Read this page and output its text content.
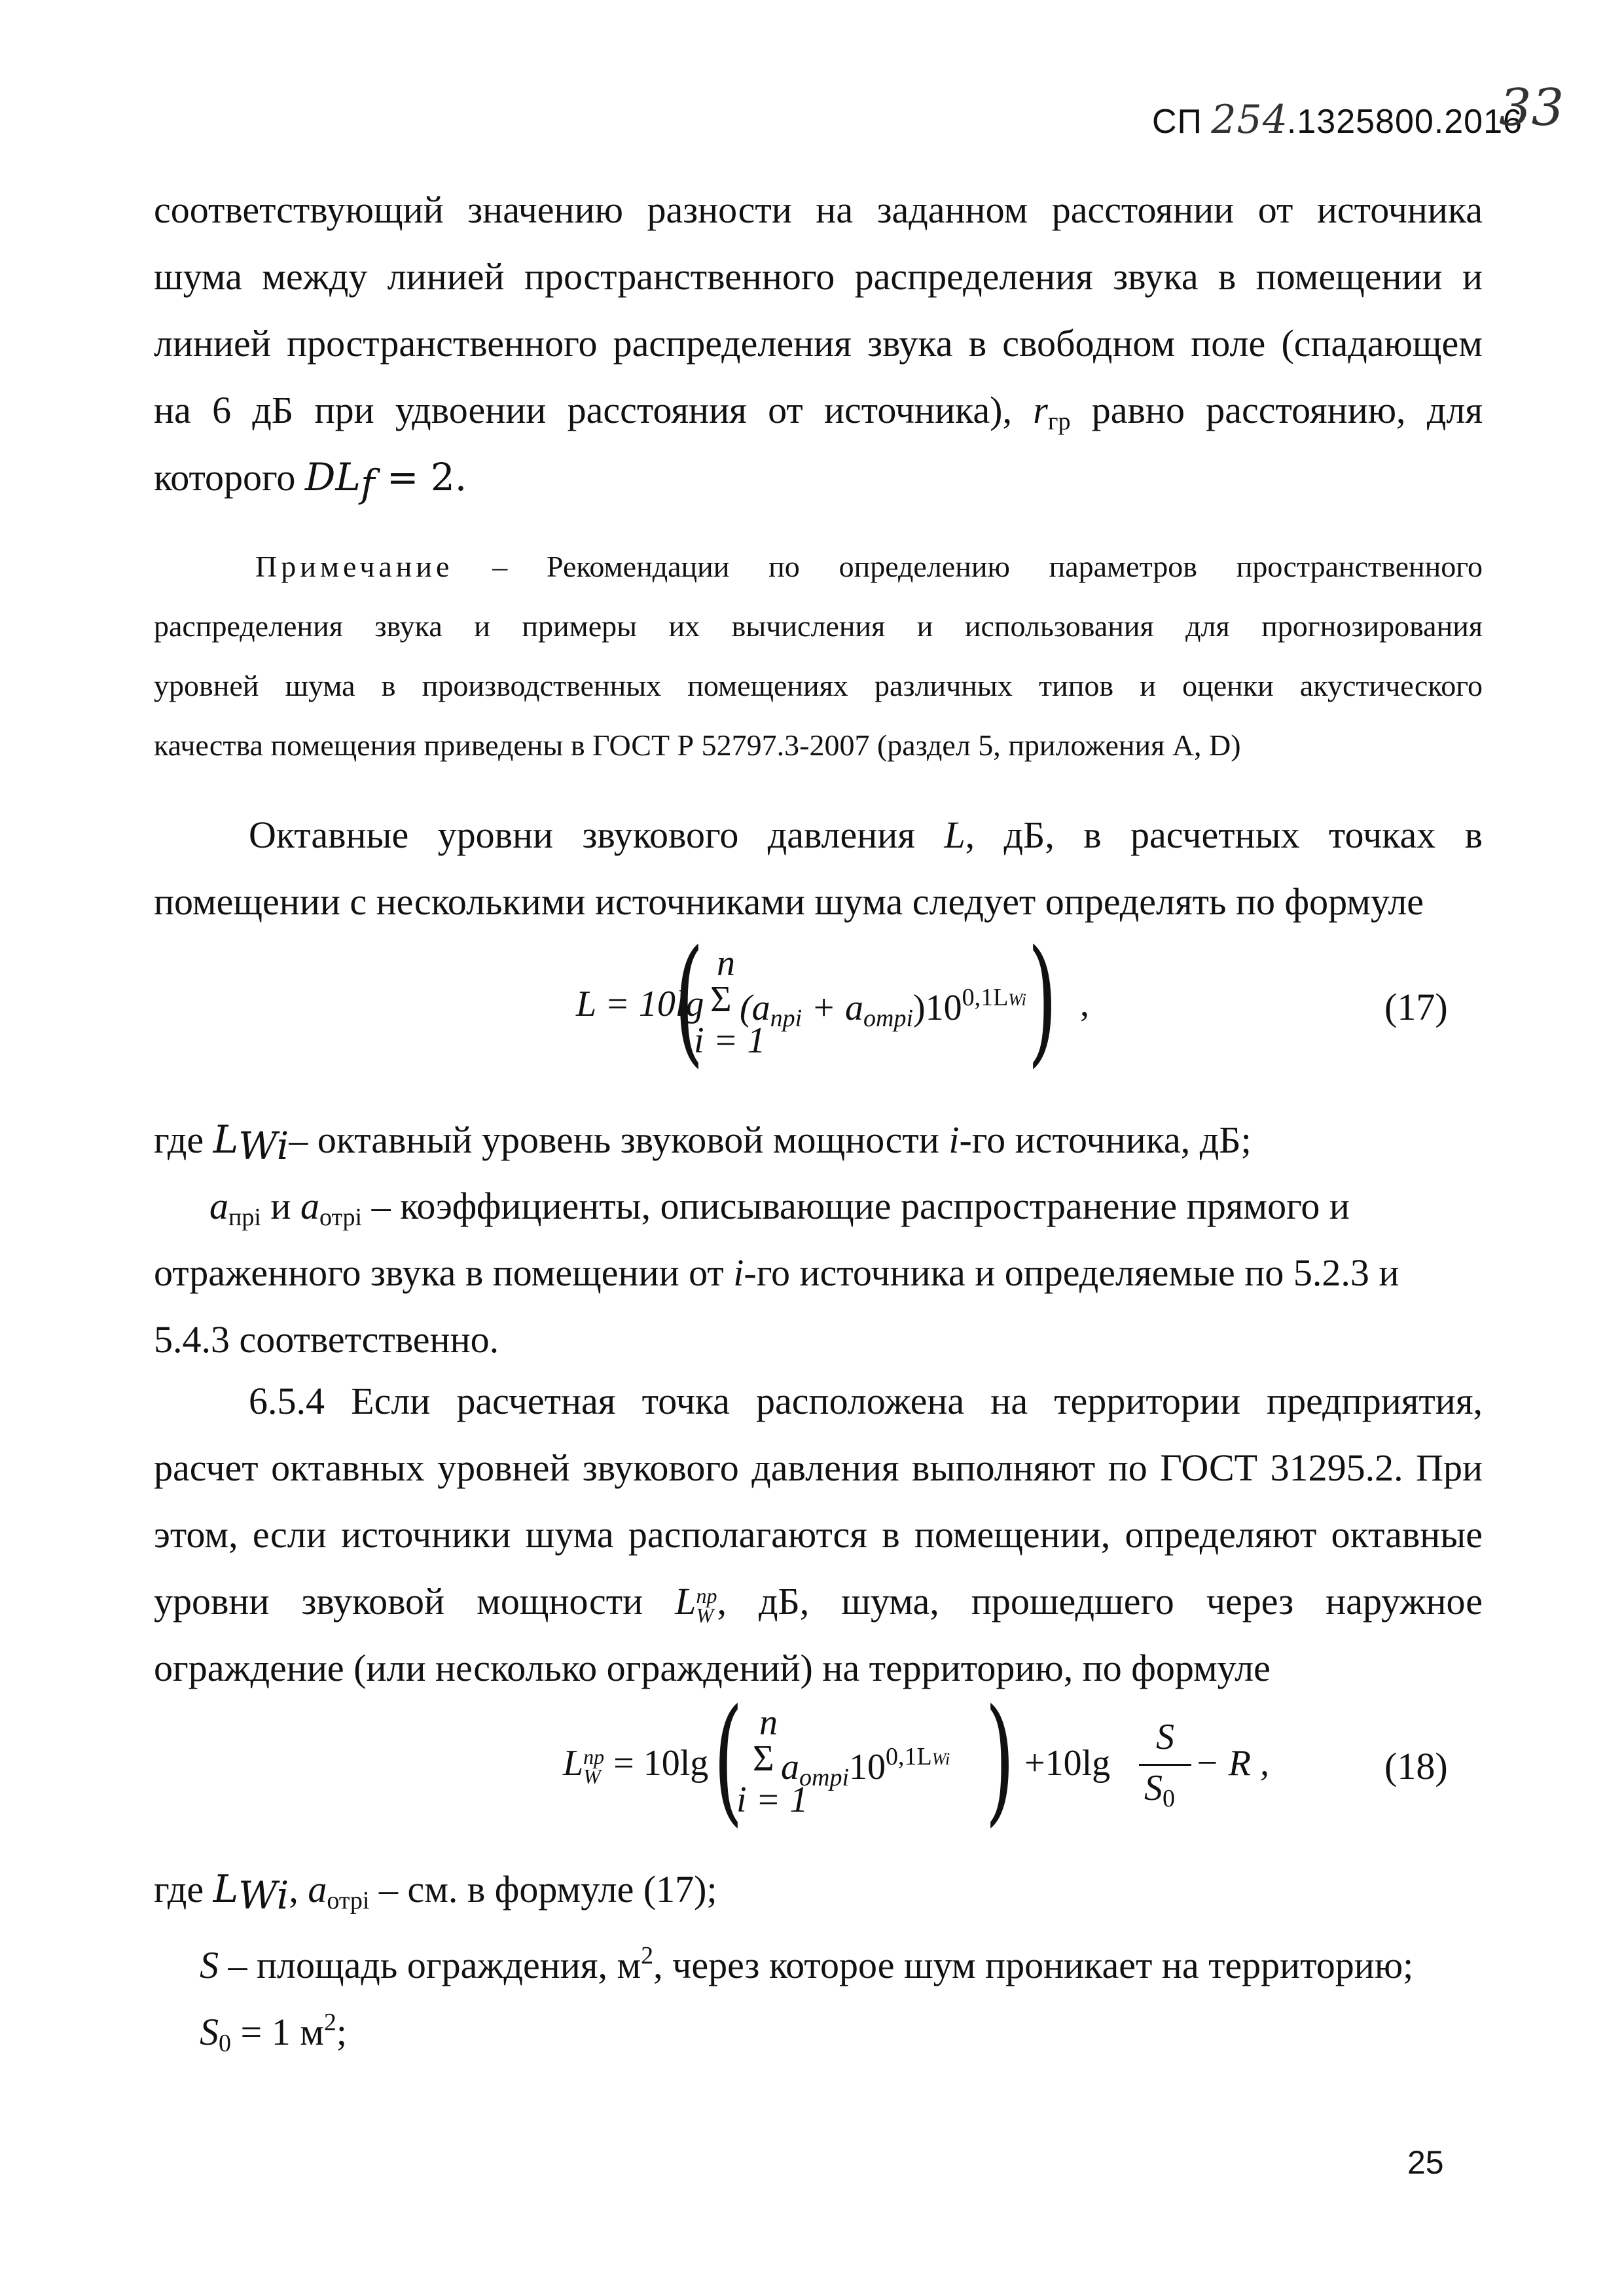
СП 254.1325800.2016
33
соответствующий значению разности на заданном расстоянии от источника
шума между линией пространственного распределения звука в помещении и
линией пространственного распределения звука в свободном поле (спадающем
на 6 дБ при удвоении расстояния от источника), $r_{гр}$ равно расстоянию, для
которого DLf = 2.
Примечание – Рекомендации по определению параметров пространственного
распределения звука и примеры их вычисления и использования для прогнозирования
уровней шума в производственных помещениях различных типов и оценки акустического
качества помещения приведены в ГОСТ Р 52797.3-2007 (раздел 5, приложения А, D)
Октавные уровни звукового давления L, дБ, в расчетных точках в
помещении с несколькими источниками шума следует определять по формуле
L = 10lg
( n
Σ
i = 1
$(a_{прi} + a_{отрi})10^{0,1LWi}$ ) ,	(17)
где LWi– октавный уровень звуковой мощности i-го источника, дБ;
$a_{прi}$ и $a_{отрi}$ – коэффициенты, описывающие распространение прямого и
отраженного звука в помещении от i-го источника и определяемые по 5.2.3 и
5.4.3 соответственно.
6.5.4 Если расчетная точка расположена на территории предприятия,
расчет октавных уровней звукового давления выполняют по ГОСТ 31295.2. При
этом, если источники шума располагаются в помещении, определяют октавные
уровни звуковой мощности L пр
W , дБ, шума, прошедшего через наружное
ограждение (или несколько ограждений) на территорию, по формуле
L пр
W = 10lg ( n
Σ
i = 1
$a_{отрi}10^{0,1LWi}$ ) +10lg
S
$S_0$
− R ,	(18)
где LWi, $a_{отрi}$ – см. в формуле (17);
S – площадь ограждения, $м^2$, через которое шум проникает на территорию;
$S_0 = 1$ $м^2$;
25
